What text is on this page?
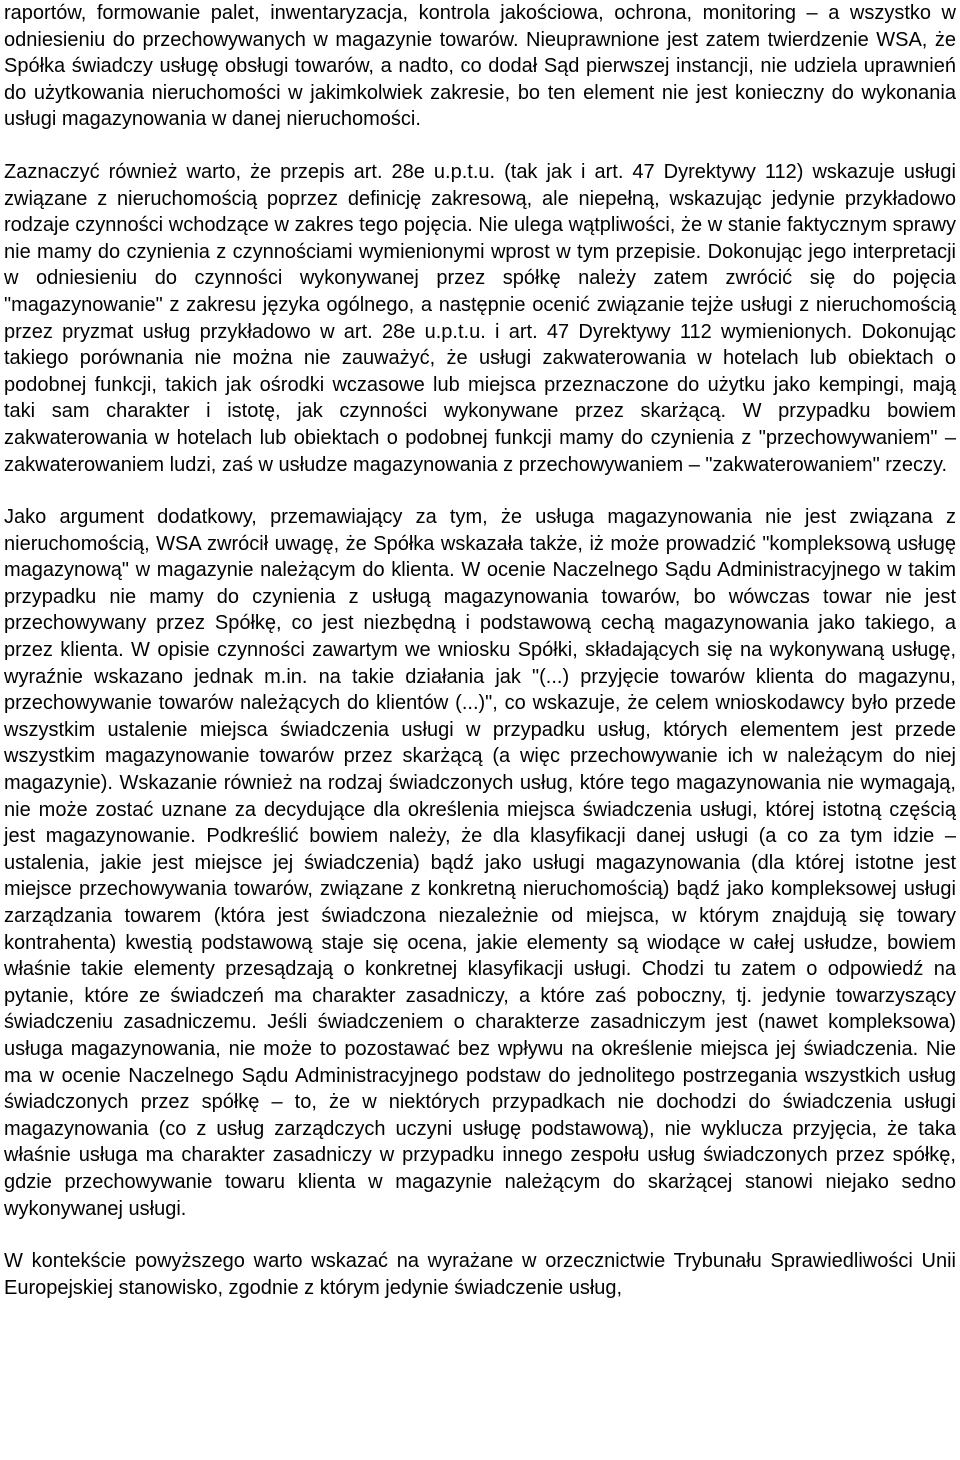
raportów, formowanie palet, inwentaryzacja, kontrola jakościowa, ochrona, monitoring – a wszystko w odniesieniu do przechowywanych w magazynie towarów. Nieuprawnione jest zatem twierdzenie WSA, że Spółka świadczy usługę obsługi towarów, a nadto, co dodał Sąd pierwszej instancji, nie udziela uprawnień do użytkowania nieruchomości w jakimkolwiek zakresie, bo ten element nie jest konieczny do wykonania usługi magazynowania w danej nieruchomości.

Zaznaczyć również warto, że przepis art. 28e u.p.t.u. (tak jak i art. 47 Dyrektywy 112) wskazuje usługi związane z nieruchomością poprzez definicję zakresową, ale niepełną, wskazując jedynie przykładowo rodzaje czynności wchodzące w zakres tego pojęcia. Nie ulega wątpliwości, że w stanie faktycznym sprawy nie mamy do czynienia z czynnościami wymienionymi wprost w tym przepisie. Dokonując jego interpretacji w odniesieniu do czynności wykonywanej przez spółkę należy zatem zwrócić się do pojęcia "magazynowanie" z zakresu języka ogólnego, a następnie ocenić związanie tejże usługi z nieruchomością przez pryzmat usług przykładowo w art. 28e u.p.t.u. i art. 47 Dyrektywy 112 wymienionych. Dokonując takiego porównania nie można nie zauważyć, że usługi zakwaterowania w hotelach lub obiektach o podobnej funkcji, takich jak ośrodki wczasowe lub miejsca przeznaczone do użytku jako kempingi, mają taki sam charakter i istotę, jak czynności wykonywane przez skarżącą. W przypadku bowiem zakwaterowania w hotelach lub obiektach o podobnej funkcji mamy do czynienia z "przechowywaniem" – zakwaterowaniem ludzi, zaś w usłudze magazynowania z przechowywaniem – "zakwaterowaniem" rzeczy.

Jako argument dodatkowy, przemawiający za tym, że usługa magazynowania nie jest związana z nieruchomością, WSA zwrócił uwagę, że Spółka wskazała także, iż może prowadzić "kompleksową usługę magazynową" w magazynie należącym do klienta. W ocenie Naczelnego Sądu Administracyjnego w takim przypadku nie mamy do czynienia z usługą magazynowania towarów, bo wówczas towar nie jest przechowywany przez Spółkę, co jest niezbędną i podstawową cechą magazynowania jako takiego, a przez klienta. W opisie czynności zawartym we wniosku Spółki, składających się na wykonywaną usługę, wyraźnie wskazano jednak m.in. na takie działania jak "(...) przyjęcie towarów klienta do magazynu, przechowywanie towarów należących do klientów (...)", co wskazuje, że celem wnioskodawcy było przede wszystkim ustalenie miejsca świadczenia usługi w przypadku usług, których elementem jest przede wszystkim magazynowanie towarów przez skarżącą (a więc przechowywanie ich w należącym do niej magazynie). Wskazanie również na rodzaj świadczonych usług, które tego magazynowania nie wymagają, nie może zostać uznane za decydujące dla określenia miejsca świadczenia usługi, której istotną częścią jest magazynowanie. Podkreślić bowiem należy, że dla klasyfikacji danej usługi (a co za tym idzie – ustalenia, jakie jest miejsce jej świadczenia) bądź jako usługi magazynowania (dla której istotne jest miejsce przechowywania towarów, związane z konkretną nieruchomością) bądź jako kompleksowej usługi zarządzania towarem (która jest świadczona niezależnie od miejsca, w którym znajdują się towary kontrahenta) kwestią podstawową staje się ocena, jakie elementy są wiodące w całej usłudze, bowiem właśnie takie elementy przesądzają o konkretnej klasyfikacji usługi. Chodzi tu zatem o odpowiedź na pytanie, które ze świadczeń ma charakter zasadniczy, a które zaś poboczny, tj. jedynie towarzyszący świadczeniu zasadniczemu. Jeśli świadczeniem o charakterze zasadniczym jest (nawet kompleksowa) usługa magazynowania, nie może to pozostawać bez wpływu na określenie miejsca jej świadczenia. Nie ma w ocenie Naczelnego Sądu Administracyjnego podstaw do jednolitego postrzegania wszystkich usług świadczonych przez spółkę – to, że w niektórych przypadkach nie dochodzi do świadczenia usługi magazynowania (co z usług zarządczych uczyni usługę podstawową), nie wyklucza przyjęcia, że taka właśnie usługa ma charakter zasadniczy w przypadku innego zespołu usług świadczonych przez spółkę, gdzie przechowywanie towaru klienta w magazynie należącym do skarżącej stanowi niejako sedno wykonywanej usługi.

W kontekście powyższego warto wskazać na wyrażane w orzecznictwie Trybunału Sprawiedliwości Unii Europejskiej stanowisko, zgodnie z którym jedynie świadczenie usług,
